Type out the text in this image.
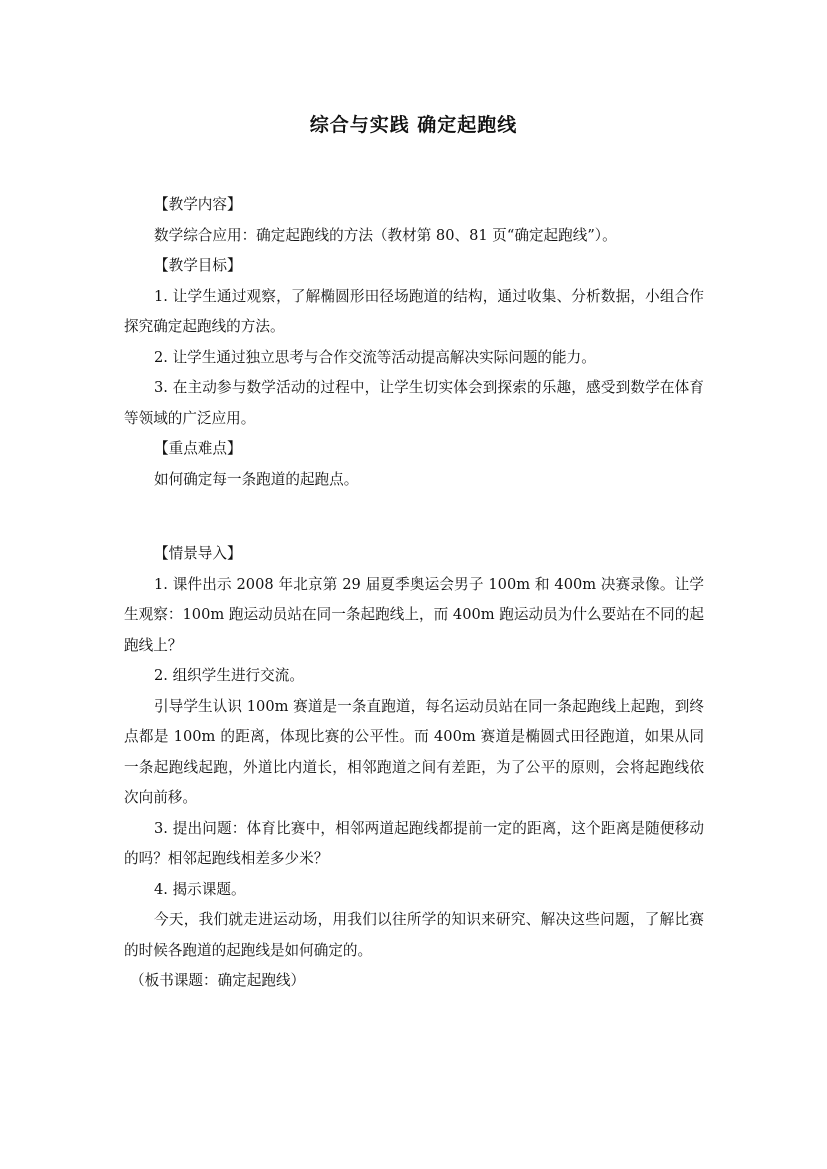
综合与实践 确定起跑线

【教学内容】

数学综合应用：确定起跑线的方法（教材第 80、81 页“确定起跑线”）。

【教学目标】

1. 让学生通过观察，了解椭圆形田径场跑道的结构，通过收集、分析数据，小组合作探究确定起跑线的方法。

2. 让学生通过独立思考与合作交流等活动提高解决实际问题的能力。

3. 在主动参与数学活动的过程中，让学生切实体会到探索的乐趣，感受到数学在体育等领域的广泛应用。

【重点难点】

如何确定每一条跑道的起跑点。

【情景导入】

1. 课件出示 2008 年北京第 29 届夏季奥运会男子 100m 和 400m 决赛录像。让学生观察：100m 跑运动员站在同一条起跑线上，而 400m 跑运动员为什么要站在不同的起跑线上？

2. 组织学生进行交流。

引导学生认识 100m 赛道是一条直跑道，每名运动员站在同一条起跑线上起跑，到终点都是 100m 的距离，体现比赛的公平性。而 400m 赛道是椭圆式田径跑道，如果从同一条起跑线起跑，外道比内道长，相邻跑道之间有差距，为了公平的原则，会将起跑线依次向前移。

3. 提出问题：体育比赛中，相邻两道起跑线都提前一定的距离，这个距离是随便移动的吗？相邻起跑线相差多少米？

4. 揭示课题。

今天，我们就走进运动场，用我们以往所学的知识来研究、解决这些问题，了解比赛的时候各跑道的起跑线是如何确定的。

（板书课题：确定起跑线）
